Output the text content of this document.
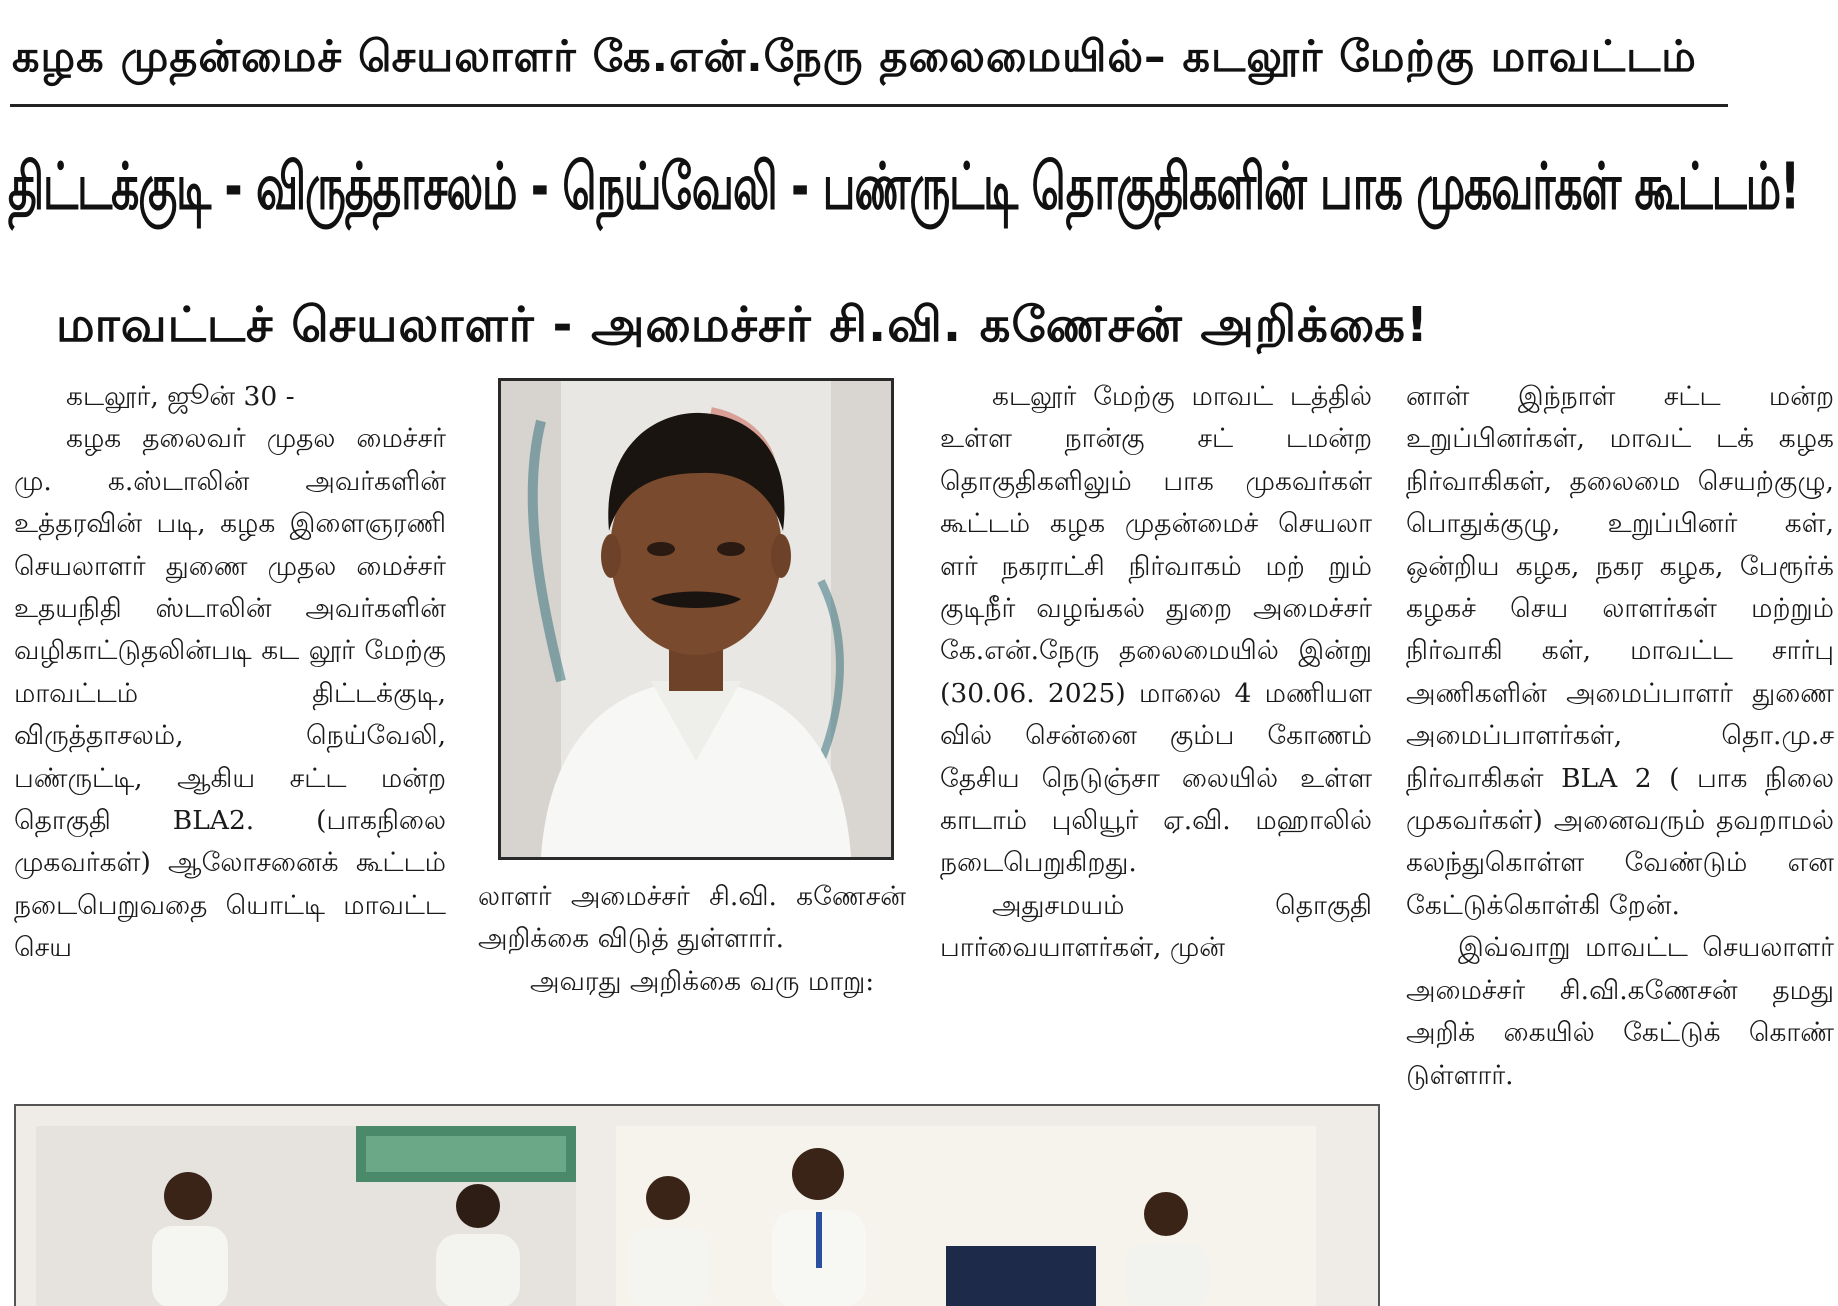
கழக முதன்மைச் செயலாளர் கே.என்.நேரு தலைமையில்– கடலூர் மேற்கு மாவட்டம்
திட்டக்குடி - விருத்தாசலம் - நெய்வேலி - பண்ருட்டி தொகுதிகளின் பாக முகவர்கள் கூட்டம்!
மாவட்டச் செயலாளர் - அமைச்சர் சி.வி. கணேசன் அறிக்கை!

கடலூர், ஜூன் 30 -

கழக தலைவர் முதல மைச்சர் மு. க.ஸ்டாலின் அவர்களின் உத்தரவின் படி, கழக இளைஞரணி செயலாளர் துணை முதல மைச்சர் உதயநிதி ஸ்டாலின் அவர்களின் வழிகாட்டுதலின்படி கட லூர் மேற்கு மாவட்டம் திட்டக்குடி, விருத்தாசலம், நெய்வேலி, பண்ருட்டி, ஆகிய சட்ட மன்ற தொகுதி BLA2. (பாகநிலை முகவர்கள்) ஆலோசனைக் கூட்டம் நடைபெறுவதை யொட்டி மாவட்ட செய

லாளர் அமைச்சர் சி.வி. கணேசன் அறிக்கை விடுத் துள்ளார்.

அவரது அறிக்கை வரு மாறு:

கடலூர் மேற்கு மாவட் டத்தில் உள்ள நான்கு சட் டமன்ற தொகுதிகளிலும் பாக முகவர்கள் கூட்டம் கழக முதன்மைச் செயலா ளர் நகராட்சி நிர்வாகம் மற் றும் குடிநீர் வழங்கல் துறை அமைச்சர் கே.என்.நேரு தலைமையில் இன்று (30.06. 2025) மாலை 4 மணியள வில் சென்னை கும்ப கோணம் தேசிய நெடுஞ்சா லையில் உள்ள காடாம் புலியூர் ஏ.வி. மஹாலில் நடைபெறுகிறது.

அதுசமயம் தொகுதி பார்வையாளர்கள், முன்

னாள் இந்நாள் சட்ட மன்ற உறுப்பினர்கள், மாவட் டக் கழக நிர்வாகிகள், தலைமை செயற்குழு, பொதுக்குழு, உறுப்பினர் கள், ஒன்றிய கழக, நகர கழக, பேரூர்க் கழகச் செய லாளர்கள் மற்றும் நிர்வாகி கள், மாவட்ட சார்பு அணிகளின் அமைப்பாளர் துணை அமைப்பாளர்கள், தொ.மு.ச நிர்வாகிகள் BLA 2 ( பாக நிலை முகவர்கள்) அனைவரும் தவறாமல் கலந்துகொள்ள வேண்டும் என கேட்டுக்கொள்கி றேன்.

இவ்வாறு மாவட்ட செயலாளர் அமைச்சர் சி.வி.கணேசன் தமது அறிக் கையில் கேட்டுக் கொண் டுள்ளார்.
